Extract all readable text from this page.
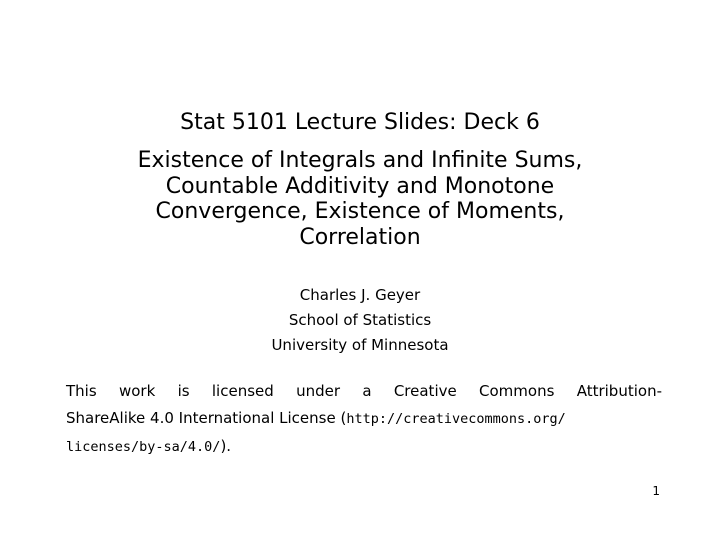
Stat 5101 Lecture Slides: Deck 6
Existence of Integrals and Infinite Sums,
Countable Additivity and Monotone
Convergence, Existence of Moments,
Correlation
Charles J. Geyer
School of Statistics
University of Minnesota
This work is licensed under a Creative Commons Attribution-
ShareAlike 4.0 International License (http://creativecommons.org/
licenses/by-sa/4.0/).
1
